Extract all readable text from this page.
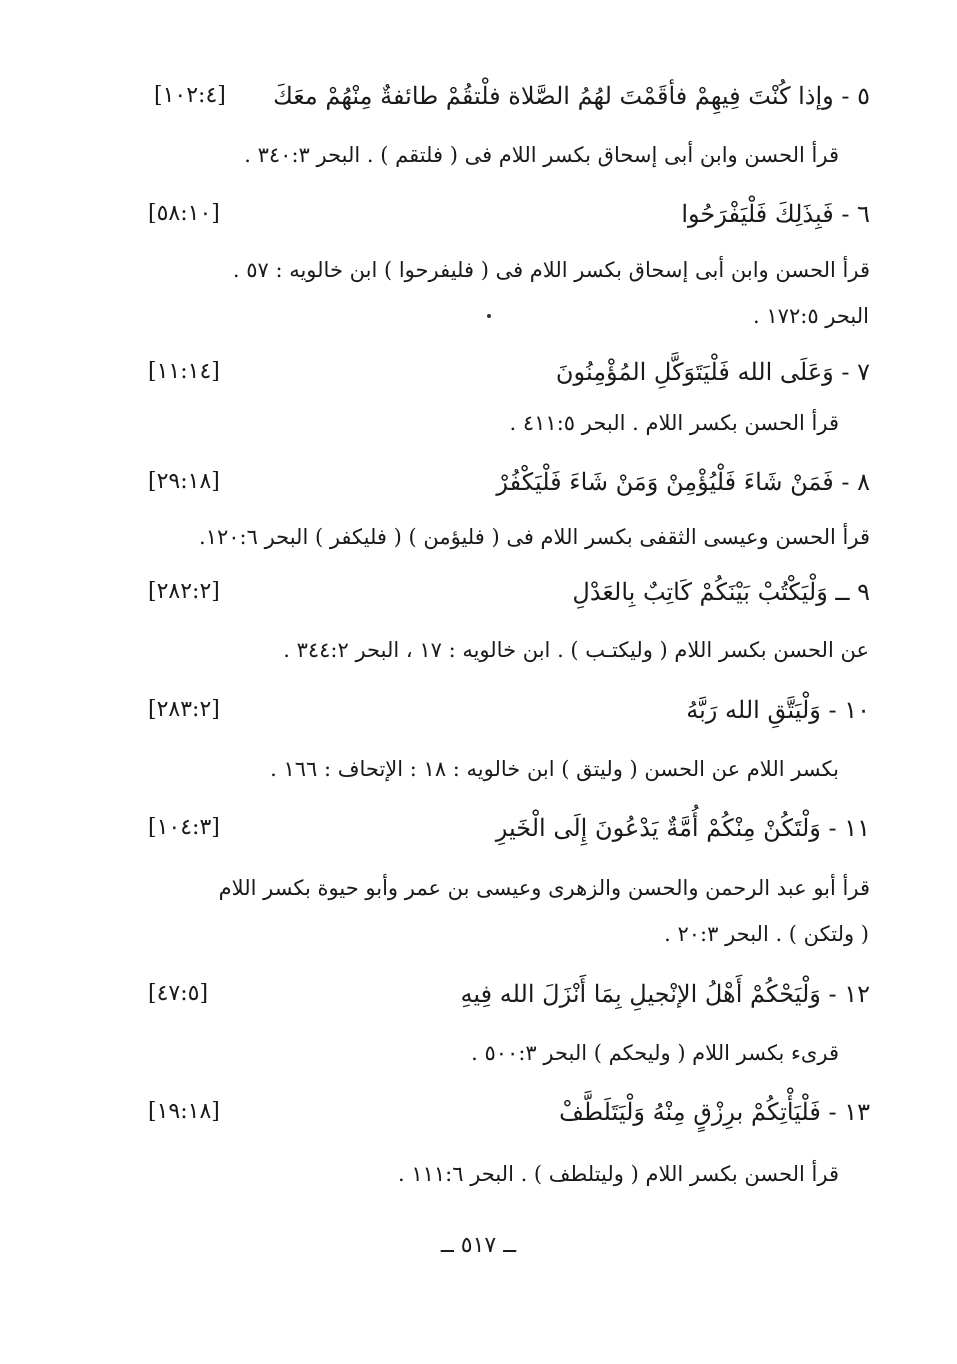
٥ - وإذا كُنْتَ فِيهِمْ فأقَمْتَ لهُمُ الصَّلاة فلْتقُمْ طائفةٌ مِنْهُمْ معَكَ
[١٠٢:٤]
قرأ الحسن وابن أبى إسحاق بكسر اللام فى ( فلتقم ) . البحر ٣٤٠:٣ .
٦ - فَبِذَلِكَ فَلْيَفْرَحُوا
[٥٨:١٠]
قرأ الحسن وابن أبى إسحاق بكسر اللام فى ( فليفرحوا ) ابن خالويه : ٥٧ .
البحر ١٧٢:٥ .
٧ - وَعَلَى الله فَلْيَتَوَكَّلِ المُؤْمِنُونَ
[١١:١٤]
قرأ الحسن بكسر اللام . البحر ٤١١:٥ .
٨ - فَمَنْ شَاءَ فَلْيُؤْمِنْ وَمَنْ شَاءَ فَلْيَكْفُرْ
[٢٩:١٨]
قرأ الحسن وعيسى الثقفى بكسر اللام فى ( فليؤمن ) ( فليكفر ) البحر ١٢٠:٦.
٩ ــ وَلْيَكْتُبْ بَيْنَكُمْ كَاتِبٌ بِالعَدْلِ
[٢٨٢:٢]
عن الحسن بكسر اللام ( وليكتـب ) . ابن خالويه : ١٧ ، البحر ٣٤٤:٢ .
١٠ - وَلْيَتَّقِ الله رَبَّهُ
[٢٨٣:٢]
بكسر اللام عن الحسن ( وليتق ) ابن خالويه : ١٨ : الإتحاف : ١٦٦ .
١١ - وَلْتَكُنْ مِنْكُمْ أُمَّةٌ يَدْعُونَ إِلَى الْخَيرِ
[١٠٤:٣]
قرأ أبو عبد الرحمن والحسن والزهرى وعيسى بن عمر وأبو حيوة بكسر اللام
( ولتكن ) . البحر ٢٠:٣ .
١٢ - وَلْيَحْكُمْ أَهْلُ الإنْجيلِ بِمَا أَنْزَلَ الله فِيهِ
[٤٧:٥]
قرىء بكسر اللام ( وليحكم ) البحر ٥٠٠:٣ .
١٣ - فَلْيَأْتِكُمْ برِزْقٍ مِنْهُ وَلْيَتَلَطَّفْ
[١٩:١٨]
قرأ الحسن بكسر اللام ( وليتلطف ) . البحر ١١١:٦ .
ــ ٥١٧ ــ
